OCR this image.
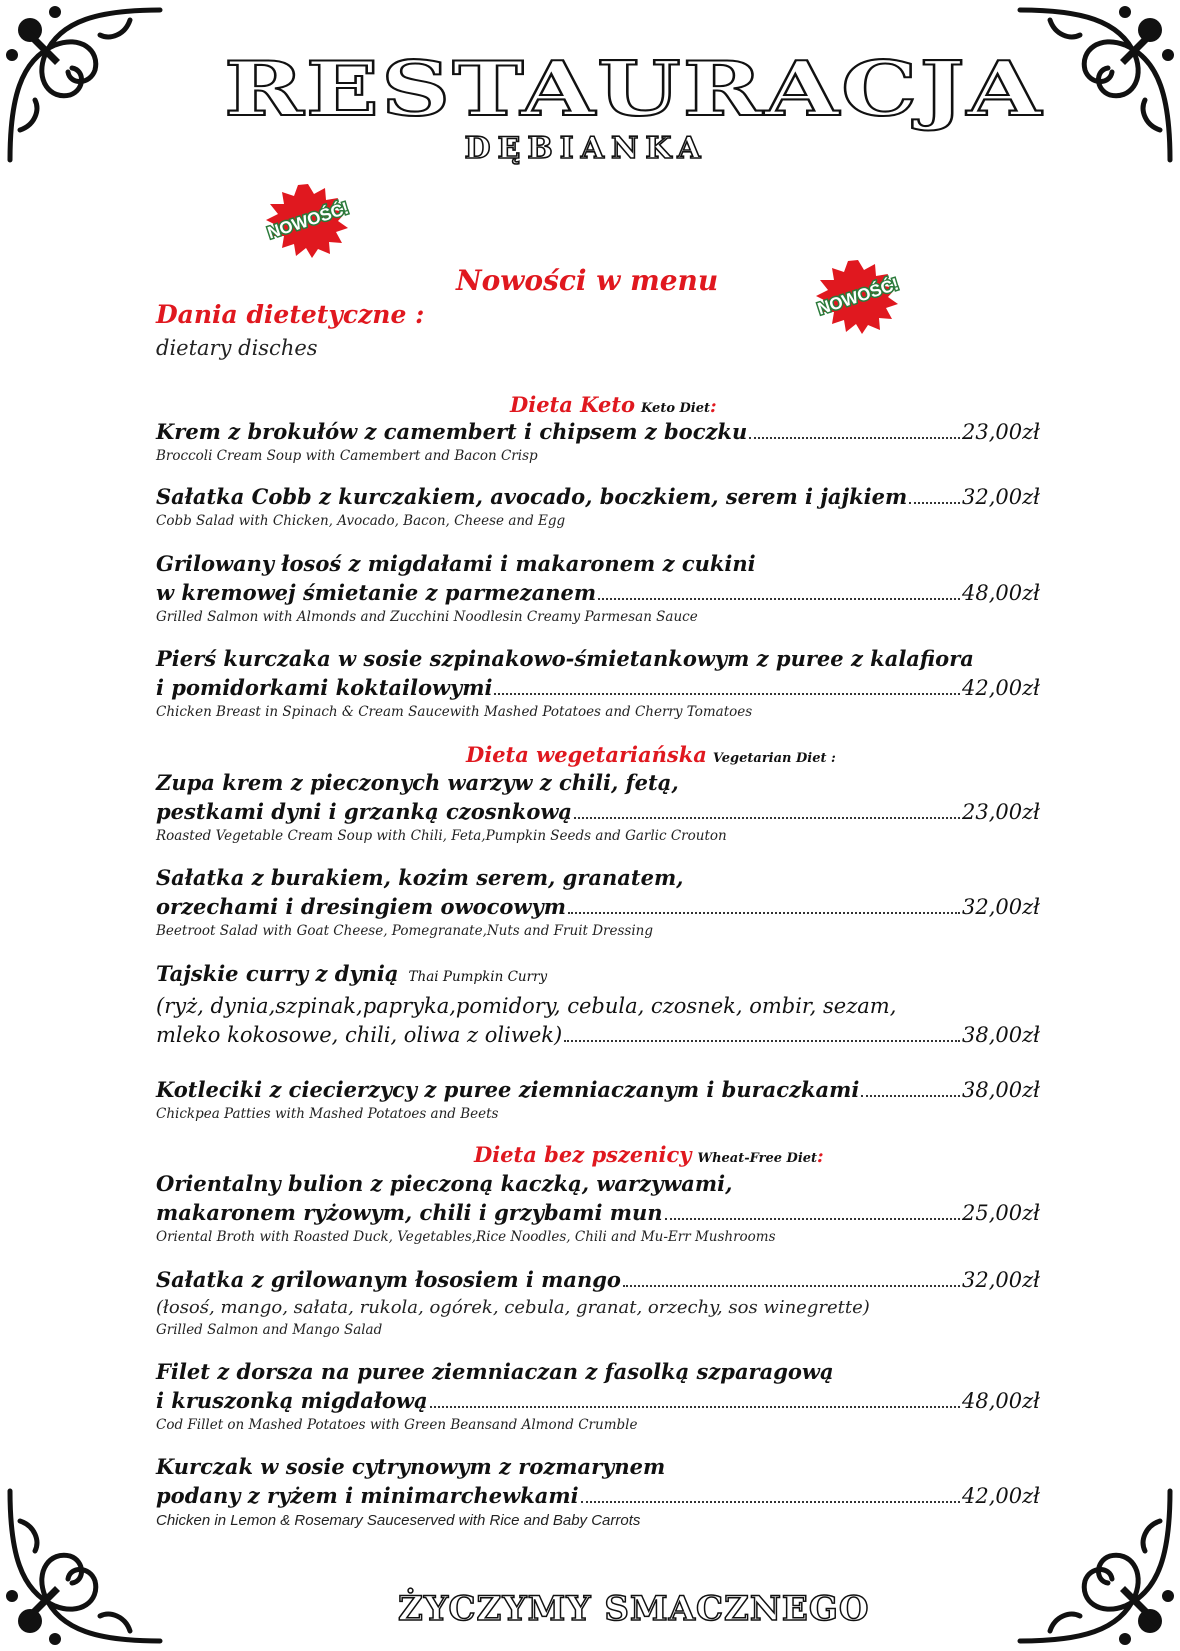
RESTAURACJA
DĘBIANKA
NOWOŚĆ!
NOWOŚĆ!
Nowości w menu
Dania dietetyczne :
dietary disches
Dieta Keto Keto Diet:
Krem z brokułów z camembert i chipsem z boczku	23,00zł
Broccoli Cream Soup with Camembert and Bacon Crisp
Sałatka Cobb z kurczakiem, avocado, boczkiem, serem i jajkiem	32,00zł
Cobb Salad with Chicken, Avocado, Bacon, Cheese and Egg
Grilowany łosoś z migdałami i makaronem z cukini
w kremowej śmietanie z parmezanem	48,00zł
Grilled Salmon with Almonds and Zucchini Noodlesin Creamy Parmesan Sauce
Pierś kurczaka w sosie szpinakowo-śmietankowym z puree z kalafiora
i pomidorkami koktailowymi	42,00zł
Chicken Breast in Spinach & Cream Saucewith Mashed Potatoes and Cherry Tomatoes
Dieta wegetariańska Vegetarian Diet :
Zupa krem z pieczonych warzyw z chili, fetą,
pestkami dyni i grzanką czosnkową	23,00zł
Roasted Vegetable Cream Soup with Chili, Feta,Pumpkin Seeds and Garlic Crouton
Sałatka z burakiem, kozim serem, granatem,
orzechami i dresingiem owocowym	32,00zł
Beetroot Salad with Goat Cheese, Pomegranate,Nuts and Fruit Dressing
Tajskie curry z dynią Thai Pumpkin Curry
(ryż, dynia,szpinak,papryka,pomidory, cebula, czosnek, ombir, sezam,
mleko kokosowe, chili, oliwa z oliwek)	38,00zł
Kotleciki z ciecierzycy z puree ziemniaczanym i buraczkami	38,00zł
Chickpea Patties with Mashed Potatoes and Beets
Dieta bez pszenicy Wheat-Free Diet:
Orientalny bulion z pieczoną kaczką, warzywami,
makaronem ryżowym, chili i grzybami mun	25,00zł
Oriental Broth with Roasted Duck, Vegetables,Rice Noodles, Chili and Mu-Err Mushrooms
Sałatka z grilowanym łososiem i mango	32,00zł
(łosoś, mango, sałata, rukola, ogórek, cebula, granat, orzechy, sos winegrette)
Grilled Salmon and Mango Salad
Filet z dorsza na puree ziemniaczan z fasolką szparagową
i kruszonką migdałową	48,00zł
Cod Fillet on Mashed Potatoes with Green Beansand Almond Crumble
Kurczak w sosie cytrynowym z rozmarynem
podany z ryżem i minimarchewkami	42,00zł
Chicken in Lemon & Rosemary Sauceserved with Rice and Baby Carrots
ŻYCZYMY SMACZNEGO
